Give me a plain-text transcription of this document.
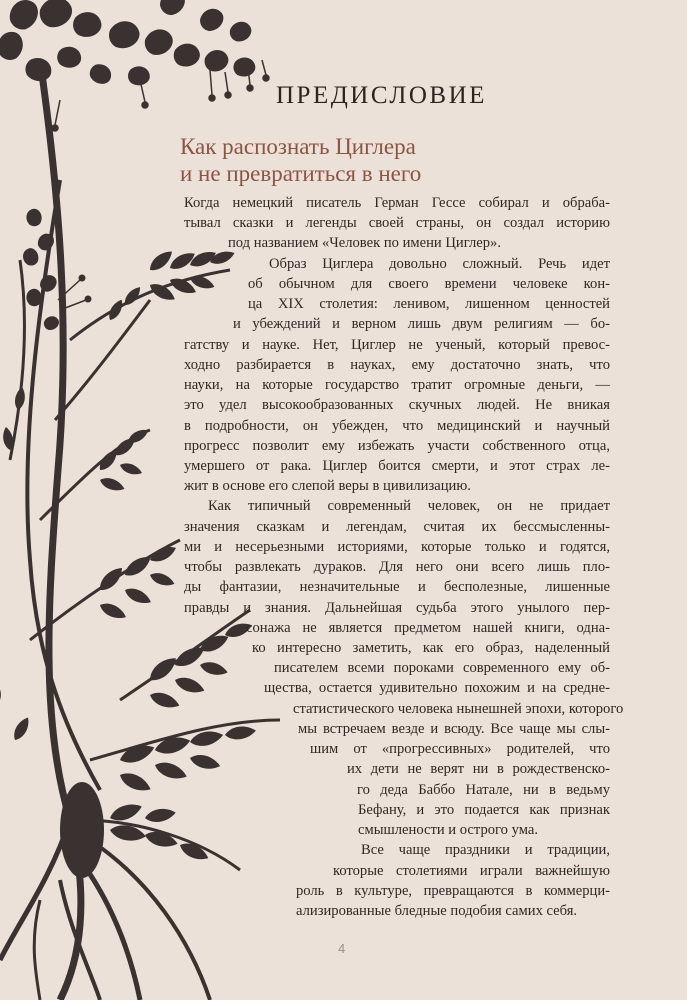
ПРЕДИСЛОВИЕ
Как распознать Циглера
и не превратиться в него
Когда немецкий писатель Герман Гессе собирал и обраба-
тывал сказки и легенды своей страны, он создал историю
под названием «Человек по имени Циглер».
Образ Циглера довольно сложный. Речь идет
об обычном для своего времени человеке кон-
ца XIX столетия: ленивом, лишенном ценностей
и убеждений и верном лишь двум религиям — бо-
гатству и науке. Нет, Циглер не ученый, который превос-
ходно разбирается в науках, ему достаточно знать, что
науки, на которые государство тратит огромные деньги, —
это удел высокообразованных скучных людей. Не вникая
в подробности, он убежден, что медицинский и научный
прогресс позволит ему избежать участи собственного отца,
умершего от рака. Циглер боится смерти, и этот страх ле-
жит в основе его слепой веры в цивилизацию.
Как типичный современный человек, он не придает
значения сказкам и легендам, считая их бессмысленны-
ми и несерьезными историями, которые только и годятся,
чтобы развлекать дураков. Для него они всего лишь пло-
ды фантазии, незначительные и бесполезные, лишенные
правды и знания. Дальнейшая судьба этого унылого пер-
сонажа не является предметом нашей книги, одна-
ко интересно заметить, как его образ, наделенный
писателем всеми пороками современного ему об-
щества, остается удивительно похожим и на средне-
статистического человека нынешней эпохи, которого
мы встречаем везде и всюду. Все чаще мы слы-
шим от «прогрессивных» родителей, что
их дети не верят ни в рождественско-
го деда Баббо Натале, ни в ведьму
Бефану, и это подается как признак
смышлености и острого ума.
Все чаще праздники и традиции,
которые столетиями играли важнейшую
роль в культуре, превращаются в коммерци-
ализированные бледные подобия самих себя.
4
